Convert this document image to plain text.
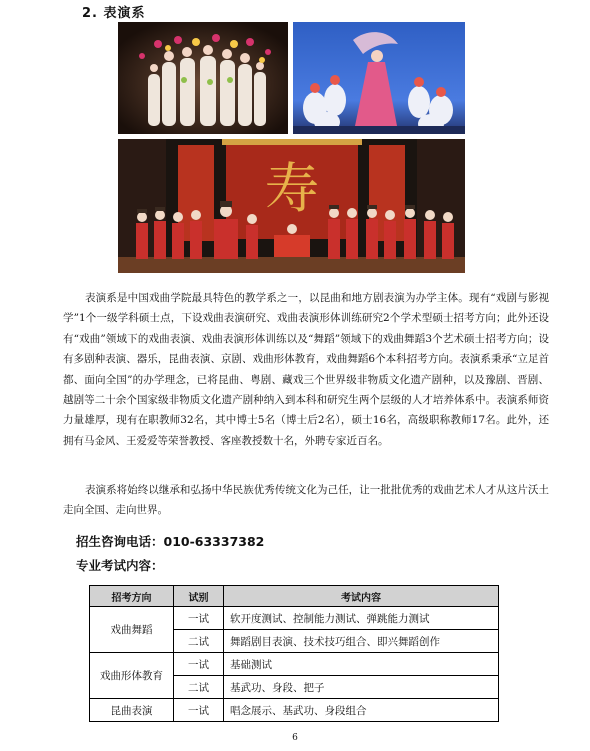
2. 表演系
寿

表演系是中国戏曲学院最具特色的教学系之一，以昆曲和地方剧表演为办学主体。现有“戏剧与影视学”1个一级学科硕士点，下设戏曲表演研究、戏曲表演形体训练研究2个学术型硕士招考方向；此外还设有“戏曲”领域下的戏曲表演、戏曲表演形体训练以及“舞蹈”领域下的戏曲舞蹈3个艺术硕士招考方向；设有多剧种表演、器乐，昆曲表演、京剧、戏曲形体教育，戏曲舞蹈6个本科招考方向。表演系秉承“立足首都、面向全国”的办学理念，已将昆曲、粤剧、藏戏三个世界级非物质文化遗产剧种，以及豫剧、晋剧、越剧等二十余个国家级非物质文化遗产剧种纳入到本科和研究生两个层级的人才培养体系中。表演系师资力量雄厚，现有在职教师32名，其中博士5名（博士后2名），硕士16名，高级职称教师17名。此外，还拥有马金风、王爱爱等荣誉教授、客座教授数十名，外聘专家近百名。

表演系将始终以继承和弘扬中华民族优秀传统文化为己任，让一批批优秀的戏曲艺术人才从这片沃土走向全国、走向世界。

招生咨询电话：010-63337382
专业考试内容：
招考方向	试别	考试内容
戏曲舞蹈	一试	软开度测试、控制能力测试、弹跳能力测试
	二试	舞蹈剧目表演、技术技巧组合、即兴舞蹈创作
戏曲形体教育	一试	基础测试
	二试	基武功、身段、把子
昆曲表演	一试	唱念展示、基武功、身段组合
6
